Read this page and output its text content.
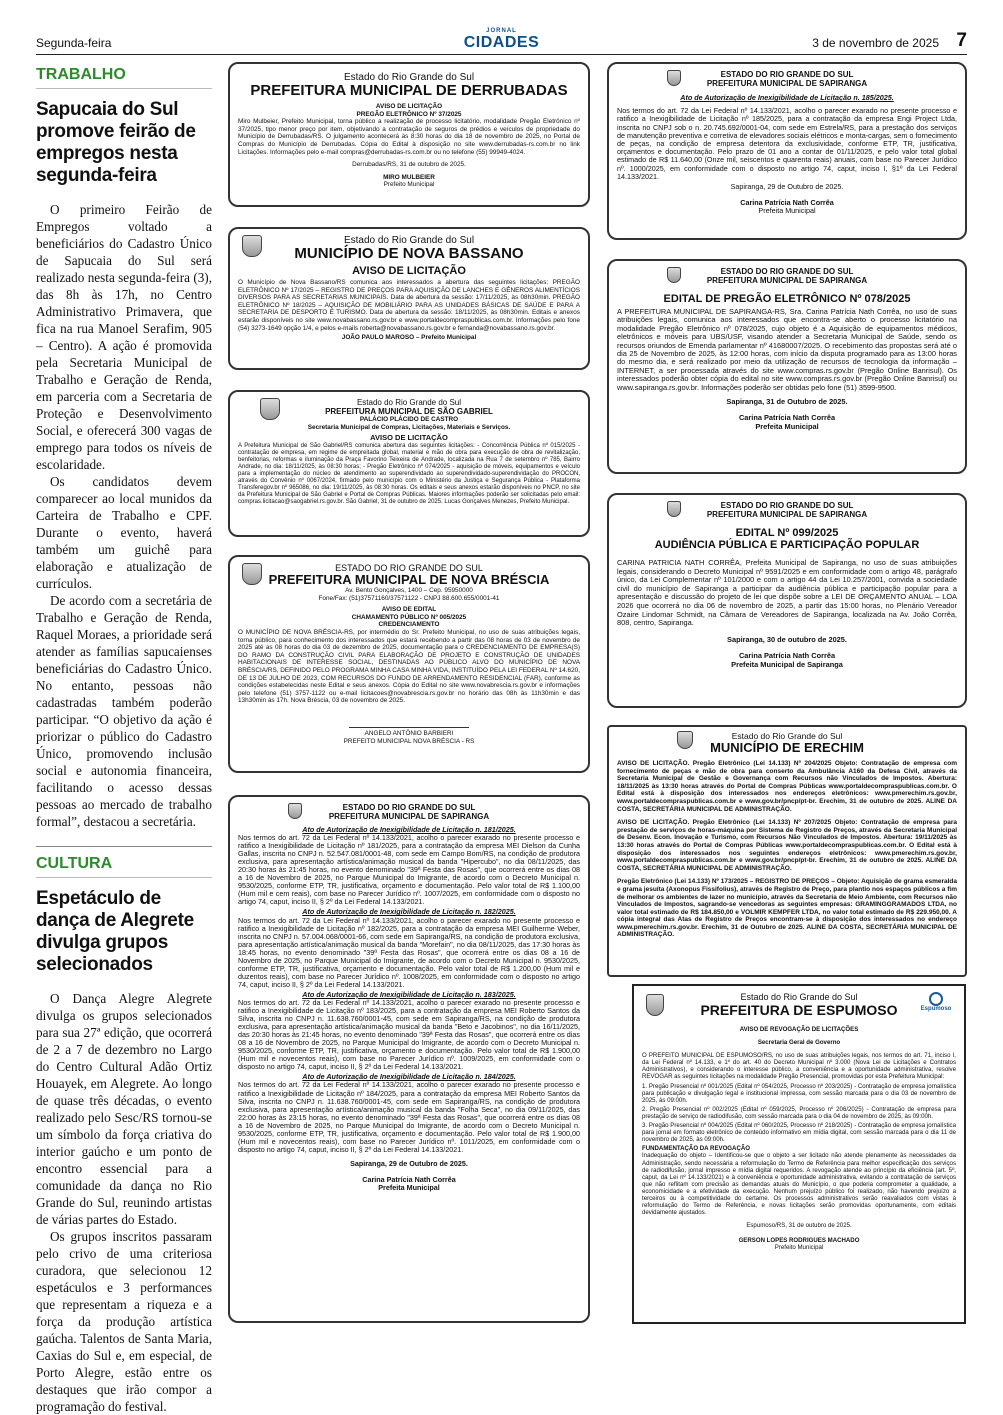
Segunda-feira
JORNAL
CIDADES	3 de novembro de 2025 7
TRABALHO
Sapucaia do Sul promove feirão de empregos nesta segunda-feira

O primeiro Feirão de Empregos voltado a beneficiários do Cadastro Único de Sapucaia do Sul será realizado nesta segunda-feira (3), das 8h às 17h, no Centro Administrativo Primavera, que fica na rua Manoel Serafim, 905 – Centro). A ação é promovida pela Secretaria Municipal de Trabalho e Geração de Renda, em parceria com a Secretaria de Proteção e Desenvolvimento Social, e oferecerá 300 vagas de emprego para todos os níveis de escolaridade.

Os candidatos devem comparecer ao local munidos da Carteira de Trabalho e CPF. Durante o evento, haverá também um guichê para elaboração e atualização de currículos.

De acordo com a secretária de Trabalho e Geração de Renda, Raquel Moraes, a prioridade será atender as famílias sapucaienses beneficiárias do Cadastro Único. No entanto, pessoas não cadastradas também poderão participar. “O objetivo da ação é priorizar o público do Cadastro Único, promovendo inclusão social e autonomia financeira, facilitando o acesso dessas pessoas ao mercado de trabalho formal”, destacou a secretária.

CULTURA
Espetáculo de dança de Alegrete divulga grupos selecionados

O Dança Alegre Alegrete divulga os grupos selecionados para sua 27ª edição, que ocorrerá de 2 a 7 de dezembro no Largo do Centro Cultural Adão Ortiz Houayek, em Alegrete. Ao longo de quase três décadas, o evento realizado pelo Sesc/RS tornou-se um símbolo da força criativa do interior gaúcho e um ponto de encontro essencial para a comunidade da dança no Rio Grande do Sul, reunindo artistas de várias partes do Estado.

Os grupos inscritos passaram pelo crivo de uma criteriosa curadora, que selecionou 12 espetáculos e 3 performances que representam a riqueza e a força da produção artística gaúcha. Talentos de Santa Maria, Caxias do Sul e, em especial, de Porto Alegre, estão entre os destaques que irão compor a programação do festival.

Estado do Rio Grande do Sul
PREFEITURA MUNICIPAL DE DERRUBADAS
AVISO DE LICITAÇÃO
PREGÃO ELETRÔNICO Nº 37/2025

Miro Mulbeier, Prefeito Municipal, torna público a realização de processo licitatório, modalidade Pregão Eletrônico nº 37/2025, tipo menor preço por item, objetivando a contratação de seguros de prédios e veículos de propriedade do Município de Derrubadas/RS. O julgamento acontecerá às 8:30 horas do dia 18 de novembro de 2025, no Portal de Compras do Município de Derrubadas. Cópia do Edital à disposição no site www.derrubadas-rs.com.br no link Licitações. Informações pelo e-mail compras@derrubadas-rs.com.br ou no telefone (55) 99949-4024.

Derrubadas/RS, 31 de outubro de 2025.
MIRO MULBEIER
Prefeito Municipal
Estado do Rio Grande do Sul
MUNICÍPIO DE NOVA BASSANO
AVISO DE LICITAÇÃO

O Município de Nova Bassano/RS comunica aos interessados a abertura das seguintes licitações: PREGÃO ELETRÔNICO Nº 17/2025 – REGISTRO DE PREÇOS PARA AQUISIÇÃO DE LANCHES E GÊNEROS ALIMENTÍCIOS DIVERSOS PARA AS SECRETARIAS MUNICIPAIS. Data de abertura da sessão: 17/11/2025, às 08h30min. PREGÃO ELETRÔNICO Nº 18/2025 – AQUISIÇÃO DE MOBILIÁRIO PARA AS UNIDADES BÁSICAS DE SAÚDE E PARA A SECRETARIA DE DESPORTO E TURISMO. Data de abertura da sessão: 18/11/2025, às 08h30min. Editais e anexos estarão disponíveis no site www.novabassano.rs.gov.br e www.portaldecompraspublicas.com.br. Informações pelo fone (54) 3273-1649 opção 1/4, e pelos e-mails roberta@novabassano.rs.gov.br e fernanda@novabassano.rs.gov.br.

JOÃO PAULO MAROSO – Prefeito Municipal
Estado do Rio Grande do Sul
PREFEITURA MUNICIPAL DE SÃO GABRIEL
PALÁCIO PLÁCIDO DE CASTRO
Secretaria Municipal de Compras, Licitações, Materiais e Serviços.
AVISO DE LICITAÇÃO

A Prefeitura Municipal de São Gabriel/RS comunica abertura das seguintes licitações: - Concorrência Pública nº 015/2025 - contratação de empresa, em regime de empreitada global, material e mão de obra para execução de obra de revitalização, benfeitorias, reformas e iluminação da Praça Favorino Teixeira de Andrade, localizada na Rua 7 de setembro nº 785, Bairro Andrade, no dia: 18/11/2025, às 08:30 horas; - Pregão Eletrônico nº 074/2025 - aquisição de móveis, equipamentos e veículo para a implementação do núcleo de atendimento ao superendividado ao superendividado-superendividação do PROCON, através do Convênio nº 0067/2024, firmado pelo município com o Ministério da Justiça e Segurança Pública - Plataforma Transferegov.br nº 965086, no dia: 19/11/2025, às 08:30 horas. Os editais e seus anexos estarão disponíveis no PNCP, no site da Prefeitura Municipal de São Gabriel e Portal de Compras Públicas. Maiores informações poderão ser solicitadas pelo email: compras.licitacao@saogabriel.rs.gov.br. São Gabriel, 31 de outubro de 2025. Lucas Gonçalves Menezes, Prefeito Municipal.

ESTADO DO RIO GRANDE DO SUL
PREFEITURA MUNICIPAL DE NOVA BRÉSCIA
Av. Bento Gonçalves, 1400 – Cep. 95950000
Fone/Fax: (51)37571160/37571122 - CNPJ 88.600.655/0001-41
AVISO DE EDITAL
CHAMAMENTO PÚBLICO Nº 005/2025
CREDENCIAMENTO

O MUNICÍPIO DE NOVA BRÉSCIA-RS, por intermédio do Sr. Prefeito Municipal, no uso de suas atribuições legais, torna público, para conhecimento dos interessados que estará recebendo a partir das 08 horas de 03 de novembro de 2025 até as 08 horas do dia 03 de dezembro de 2025, documentação para o CREDENCIAMENTO DE EMPRESA(S) DO RAMO DA CONSTRUÇÃO CIVIL PARA ELABORAÇÃO DE PROJETO E CONSTRUÇÃO DE UNIDADES HABITACIONAIS DE INTERESSE SOCIAL, DESTINADAS AO PÚBLICO ALVO DO MUNICÍPIO DE NOVA BRÉSCIA/RS, DEFINIDO PELO PROGRAMA MINHA CASA MINHA VIDA, INSTITUÍDO PELA LEI FEDERAL Nº 14.620, DE 13 DE JULHO DE 2023, COM RECURSOS DO FUNDO DE ARRENDAMENTO RESIDENCIAL (FAR), conforme as condições estabelecidas neste Edital e seus anexos. Cópia do Edital no site www.novabrescia.rs.gov.br e informações pelo telefone (51) 3757-1122 ou e-mail licitacoes@novabrescia.rs.gov.br no horário das 08h às 11h30min e das 13h30min às 17h. Nova Bréscia, 03 de novembro de 2025.

ANGELO ANTÔNIO BARBIERI
PREFEITO MUNICIPAL NOVA BRÉSCIA - RS
ESTADO DO RIO GRANDE DO SUL
PREFEITURA MUNICIPAL DE SAPIRANGA
Ato de Autorização de Inexigibilidade de Licitação n. 181/2025.

Nos termos do art. 72 da Lei Federal nº 14.133/2021, acolho o parecer exarado no presente processo e ratifico a Inexigibilidade de Licitação nº 181/2025, para a contratação da empresa MEI Dielson da Cunha Gallas, inscrita no CNPJ n. 52.547.081/0001-48, com sede em Campo Bom/RS, na condição de produtora exclusiva, para apresentação artística/animação musical da banda "Hipercubo", no dia 08/11/2025, das 20:30 horas às 21:45 horas, no evento denominado "39ª Festa das Rosas", que ocorrerá entre os dias 08 a 16 de Novembro de 2025, no Parque Municipal do Imigrante, de acordo com o Decreto Municipal n. 9530/2025, conforme ETP, TR, justificativa, orçamento e documentação. Pelo valor total de R$ 1.100,00 (Hum mil e cem reais), com base no Parecer Jurídico nº. 1007/2025, em conformidade com o disposto no artigo 74, caput, inciso II, § 2º da Lei Federal 14.133/2021.

Ato de Autorização de Inexigibilidade de Licitação n. 182/2025.

Nos termos do art. 72 da Lei Federal nº 14.133/2021, acolho o parecer exarado no presente processo e ratifico a Inexigibilidade de Licitação nº 182/2025, para a contratação da empresa MEI Guilherme Weber, inscrita no CNPJ n. 57.004.068/0001-66, com sede em Sapiranga/RS, na condição de produtora exclusiva, para apresentação artística/animação musical da banda "Morefain", no dia 08/11/2025, das 17:30 horas às 18:45 horas, no evento denominado "39ª Festa das Rosas", que ocorrerá entre os dias 08 a 16 de Novembro de 2025, no Parque Municipal do Imigrante, de acordo com o Decreto Municipal n. 9530/2025, conforme ETP, TR, justificativa, orçamento e documentação. Pelo valor total de R$ 1.200,00 (Hum mil e duzentos reais), com base no Parecer Jurídico nº. 1008/2025, em conformidade com o disposto no artigo 74, caput, inciso II, § 2º da Lei Federal 14.133/2021.

Ato de Autorização de Inexigibilidade de Licitação n. 183/2025.

Nos termos do art. 72 da Lei Federal nº 14.133/2021, acolho o parecer exarado no presente processo e ratifico a Inexigibilidade de Licitação nº 183/2025, para a contratação da empresa MEI Roberto Santos da Silva, inscrita no CNPJ n. 11.638.760/0001-45, com sede em Sapiranga/RS, na condição de produtora exclusiva, para apresentação artística/animação musical da banda "Beto e Jacobinos", no dia 16/11/2025, das 20:30 horas às 21:45 horas, no evento denominado "39ª Festa das Rosas", que ocorrerá entre os dias 08 a 16 de Novembro de 2025, no Parque Municipal do Imigrante, de acordo com o Decreto Municipal n. 9530/2025, conforme ETP, TR, justificativa, orçamento e documentação. Pelo valor total de R$ 1.900,00 (Hum mil e novecentos reais), com base no Parecer Jurídico nº. 1009/2025, em conformidade com o disposto no artigo 74, caput, inciso II, § 2º da Lei Federal 14.133/2021.

Ato de Autorização de Inexigibilidade de Licitação n. 184/2025.

Nos termos do art. 72 da Lei Federal nº 14.133/2021, acolho o parecer exarado no presente processo e ratifico a Inexigibilidade de Licitação nº 184/2025, para a contratação da empresa MEI Roberto Santos da Silva, inscrita no CNPJ n. 11.638.760/0001-45, com sede em Sapiranga/RS, na condição de produtora exclusiva, para apresentação artística/animação musical da banda "Folha Seca", no dia 09/11/2025, das 22:00 horas às 23:15 horas, no evento denominado "39ª Festa das Rosas", que ocorrerá entre os dias 08 a 16 de Novembro de 2025, no Parque Municipal do Imigrante, de acordo com o Decreto Municipal n. 9530/2025, conforme ETP, TR, justificativa, orçamento e documentação. Pelo valor total de R$ 1.900,00 (Hum mil e novecentos reais), com base no Parecer Jurídico nº. 1011/2025, em conformidade com o disposto no artigo 74, caput, inciso II, § 2º da Lei Federal 14.133/2021.

Sapiranga, 29 de Outubro de 2025.
Carina Patrícia Nath Corrêa
Prefeita Municipal
ESTADO DO RIO GRANDE DO SUL
PREFEITURA MUNICIPAL DE SAPIRANGA
Ato de Autorização de Inexigibilidade de Licitação n. 185/2025.

Nos termos do art. 72 da Lei Federal nº 14.133/2021, acolho o parecer exarado no presente processo e ratifico a Inexigibilidade de Licitação nº 185/2025, para a contratação da empresa Engi Project Ltda, inscrita no CNPJ sob o n. 20.745.692/0001-04, com sede em Estrela/RS, para a prestação dos serviços de manutenção preventiva e corretiva de elevadores sociais elétricos e monta-cargas, sem o fornecimento de peças, na condição de empresa detentora da exclusividade, conforme ETP, TR, justificativa, orçamentos e documentação. Pelo prazo de 01 ano a contar de 01/11/2025, e pelo valor total global estimado de R$ 11.640,00 (Onze mil, seiscentos e quarenta reais) anuais, com base no Parecer Jurídico nº. 1000/2025, em conformidade com o disposto no artigo 74, caput, inciso I, §1º da Lei Federal 14.133/2021.

Sapiranga, 29 de Outubro de 2025.
Carina Patrícia Nath Corrêa
Prefeita Municipal
ESTADO DO RIO GRANDE DO SUL
PREFEITURA MUNICIPAL DE SAPIRANGA
EDITAL DE PREGÃO ELETRÔNICO Nº 078/2025

A PREFEITURA MUNICIPAL DE SAPIRANGA-RS, Sra. Carina Patrícia Nath Corrêa, no uso de suas atribuições legais, comunica aos interessados que encontra-se aberto o processo licitatório na modalidade Pregão Eletrônico nº 078/2025, cujo objeto é a Aquisição de equipamentos médicos, eletrônicos e móveis para UBS/USF, visando atender a Secretaria Municipal de Saúde, sendo os recursos oriundos de Emenda parlamentar nº 41680007/2025. O recebimento das propostas será até o dia 25 de Novembro de 2025, às 12:00 horas, com início da disputa programado para as 13:00 horas do mesmo dia, e será realizado por meio da utilização de recursos de tecnologia da informação – INTERNET, a ser processada através do site www.compras.rs.gov.br (Pregão Online Banrisul). Os interessados poderão obter cópia do edital no site www.compras.rs.gov.br (Pregão Online Banrisul) ou www.sapiranga.rs.gov.br. Informações poderão ser obtidas pelo fone (51) 3599-9500.

Sapiranga, 31 de Outubro de 2025.
Carina Patrícia Nath Corrêa
Prefeita Municipal
ESTADO DO RIO GRANDE DO SUL
PREFEITURA MUNICIPAL DE SAPIRANGA
EDITAL Nº 099/2025
AUDIÊNCIA PÚBLICA E PARTICIPAÇÃO POPULAR

CARINA PATRICIA NATH CORRÊA, Prefeita Municipal de Sapiranga, no uso de suas atribuições legais, considerando o Decreto Municipal nº 9591/2025 e em conformidade com o artigo 48, parágrafo único, da Lei Complementar nº 101/2000 e com o artigo 44 da Lei 10.257/2001, convida a sociedade civil do município de Sapiranga a participar da audiência pública e participação popular para a apresentação e discussão do projeto de lei que dispõe sobre a LEI DE ORÇAMENTO ANUAL – LOA 2026 que ocorrerá no dia 06 de novembro de 2025, a partir das 15:00 horas, no Plenário Vereador Ozaire Lindomar Schmidt, na Câmara de Vereadores de Sapiranga, localizada na Av. João Corrêa, 808, centro, Sapiranga.

Sapiranga, 30 de outubro de 2025.
Carina Patrícia Nath Corrêa
Prefeita Municipal de Sapiranga
Estado do Rio Grande do Sul
MUNICÍPIO DE ERECHIM

AVISO DE LICITAÇÃO. Pregão Eletrônico (Lei 14.133) Nº 204/2025 Objeto: Contratação de empresa com fornecimento de peças e mão de obra para conserto da Ambulância A160 da Defesa Civil, através da Secretaria Municipal de Gestão e Governança com Recursos não Vinculados de Impostos. Abertura: 18/11/2025 às 13:30 horas através do Portal de Compras Públicas www.portaldecompraspublicas.com.br. O Edital está à disposição dos interessados nos endereços eletrônicos: www.pmerechim.rs.gov.br, www.portaldecompraspublicas.com.br e www.gov.br/pncp/pt-br. Erechim, 31 de outubro de 2025. ALINE DA COSTA, SECRETÁRIA MUNICIPAL DE ADMINISTRAÇÃO.

AVISO DE LICITAÇÃO. Pregão Eletrônico (Lei 14.133) Nº 207/2025 Objeto: Contratação de empresa para prestação de serviços de horas-máquina por Sistema de Registro de Preços, através da Secretaria Municipal de Desenv. Econ. Inovação e Turismo, com Recursos Não Vinculados de Impostos. Abertura: 19/11/2025 às 13:30 horas através do Portal de Compras Públicas www.portaldecompraspublicas.com.br. O Edital está à disposição dos interessados nos seguintes endereços eletrônicos: www.pmerechim.rs.gov.br, www.portaldecompraspublicas.com.br e www.gov.br/pncp/pt-br. Erechim, 31 de outubro de 2025. ALINE DA COSTA, SECRETÁRIA MUNICIPAL DE ADMINISTRAÇÃO.

Pregão Eletrônico (Lei 14.133) Nº 173/2025 – REGISTRO DE PREÇOS – Objeto: Aquisição de grama esmeralda e grama jesuíta (Axonopus Fissifolius), através de Registro de Preço, para plantio nos espaços públicos a fim de melhorar os ambientes de lazer no município, através da Secretaria de Meio Ambiente, com Recursos não Vinculados de Impostos, sagrando-se vencedoras as seguintes empresas: GRAMINGGRAMADOS LTDA, no valor total estimado de R$ 184.850,00 e VOLMIR KEMPFER LTDA, no valor total estimado de R$ 229.950,00. A cópia integral das Atas de Registro de Preços encontram-se à disposição dos interessados no endereço www.pmerechim.rs.gov.br. Erechim, 31 de Outubro de 2025. ALINE DA COSTA, SECRETÁRIA MUNICIPAL DE ADMINISTRAÇÃO.

Espumoso
Estado do Rio Grande do Sul
PREFEITURA DE ESPUMOSO
AVISO DE REVOGAÇÃO DE LICITAÇÕES
Secretaria Geral de Governo

O PREFEITO MUNICIPAL DE ESPUMOSO/RS, no uso de suas atribuições legais, nos termos do art. 71, inciso I, da Lei Federal nº 14.133, e 1º do art. 40 do Decreto Municipal nº 3.000 (Nova Lei de Licitações e Contratos Administrativos), e considerando o interesse público, a conveniência e a oportunidade administrativa, resolve REVOGAR as seguintes licitações na modalidade Pregão Presencial, promovidas por esta Prefeitura Municipal:

1. Pregão Presencial nº 001/2025 (Edital nº 054/2025, Processo nº 203/2025) - Contratação de empresa jornalística para publicação e divulgação legal e institucional impressa, com sessão marcada para o dia 03 de novembro de 2025, às 09:00h.

2. Pregão Presencial nº 002/2025 (Edital nº 059/2025, Processo nº 206/2025) - Contratação de empresa para prestação de serviço de radiodifusão, com sessão marcada para o dia 04 de novembro de 2025, às 09:00h.

3. Pregão Presencial nº 004/2025 (Edital nº 060/2025, Processo nº 218/2025) - Contratação de empresa jornalística para jornal em formato eletrônico de conteúdo informativo em mídia digital, com sessão marcada para o dia 11 de novembro de 2025, às 09:00h.

FUNDAMENTAÇÃO DA REVOGAÇÃO

Inadequação do objeto – Identificou-se que o objeto a ser licitado não atende plenamente às necessidades da Administração, sendo necessária a reformulação do Termo de Referência para melhor especificação dos serviços de radiodifusão, jornal impresso e mídia digital requeridos. A revogação atende ao princípio da eficiência (art. 5º, caput, da Lei nº 14.133/2021) e à conveniência e oportunidade administrativa, evitando a contratação de serviços que não reflitam com precisão as demandas atuais do Município, o que poderia comprometer a qualidade, a economicidade e a efetividade da execução. Nenhum prejuízo público foi realizado, não havendo prejuízo a terceiros ou à competitividade do certame. Os processos administrativos serão reavaliados com vistas à reformulação do Termo de Referência, e novas licitações serão promovidas oportunamente, com editais devidamente ajustados.

Espumoso/RS, 31 de outubro de 2025.
GERSON LOPES RODRIGUES MACHADO
Prefeito Municipal
